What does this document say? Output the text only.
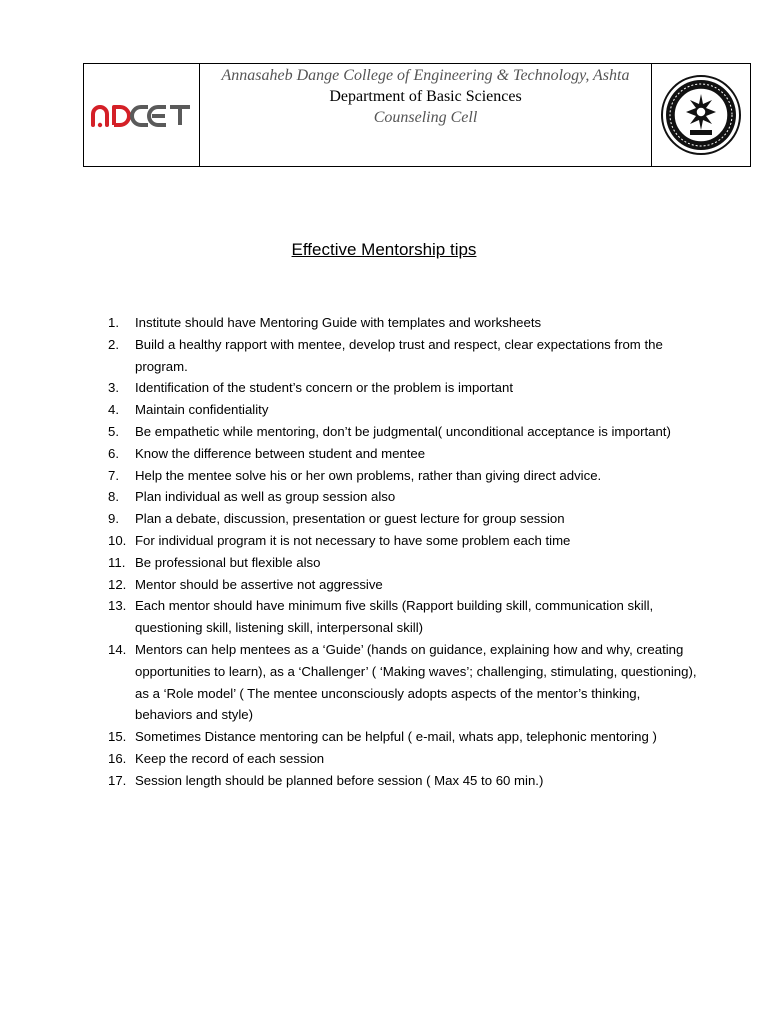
Annasaheb Dange College of Engineering & Technology, Ashta

Department of Basic Sciences

Counseling Cell

Effective Mentorship tips
1.	Institute should have Mentoring Guide with templates and worksheets
2.	Build a healthy rapport with mentee, develop trust and respect, clear expectations from the program.
3.	Identification of the student’s concern or the problem is important
4.	Maintain confidentiality
5.	Be empathetic while mentoring, don’t be judgmental( unconditional acceptance is important)
6.	Know the difference between student and mentee
7.	Help the mentee solve his or her own problems, rather than giving direct advice.
8.	Plan individual as well as group session also
9.	Plan a debate, discussion, presentation or guest lecture for group session
10. For individual program it is not necessary to have some problem each time
11. Be professional but flexible also
12. Mentor should be assertive not aggressive
13. Each mentor should have minimum five skills (Rapport building skill, communication skill, questioning skill, listening skill, interpersonal skill)
14. Mentors can help mentees as a ‘Guide’ (hands on guidance, explaining how and why, creating opportunities to learn), as a ‘Challenger’ ( ‘Making waves’; challenging, stimulating, questioning), as a ‘Role model’ ( The mentee unconsciously adopts aspects of the mentor’s thinking, behaviors and style)
15. Sometimes Distance mentoring can be helpful ( e-mail, whats app, telephonic mentoring )
16. Keep the record of each session
17. Session length should be planned before session ( Max 45 to 60 min.)
